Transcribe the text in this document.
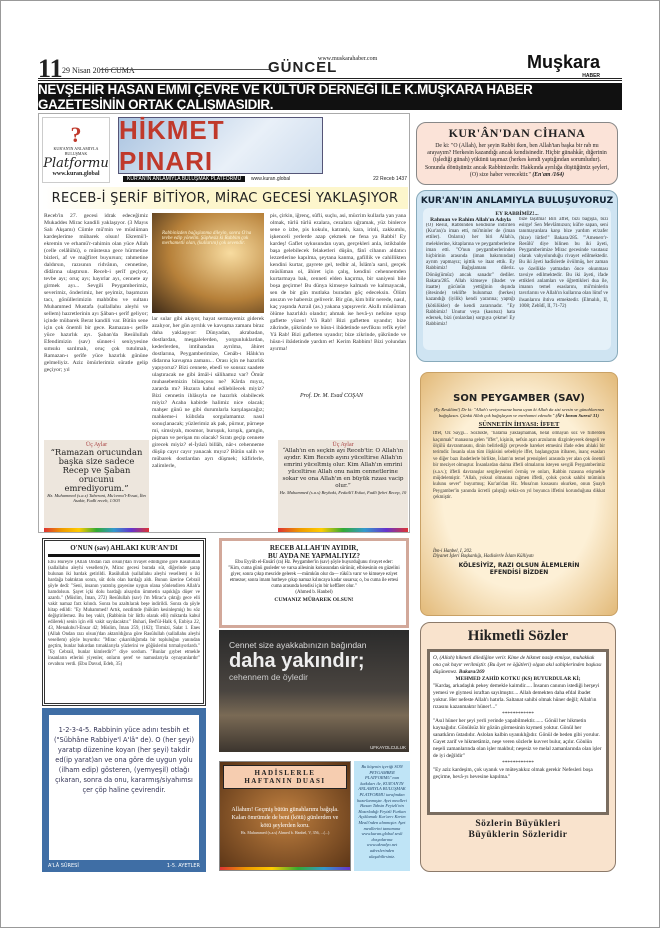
11 29 Nisan 2016 CUMA	GÜNCEL
www.muskarahaber.com	Muşkara
HABER
NEVŞEHİR HASAN EMMİ ÇEVRE VE KÜLTÜR DERNEĞİ İLE K.MUŞKARA HABER GAZETESİNİN ORTAK ÇALIŞMASIDIR.
?
KUR'AN'IN ANLAMIYLA BULUŞMAK
Platformu
www.kuran.global
HİKMET PINARI
KUR'AN'IN ANLAMIYLA BULUŞMAK PLATFORMU	www.kuran.global	22 Receb 1437
RECEB-İ ŞERİF BİTİYOR, MİRAC GECESİ YAKLAŞIYOR
Receb'in 27. gecesi idrak edeceğimiz Mukaddes Mirac kandili yaklaşıyor. (3 Mayıs Salı Akşamı) Cümle mü'min ve müslüman kardeşlerime mübarek olsun! Ekremü'l-ekremin ve erhamü'r-rahimin olan yüce Allah (celle celâlühü), o müstesna gece hürmetine bizleri, af ve mağfiret buyursun; rahmetine daldırsın, razısının ridvânın, cennetine, dîdârına ulaştırsın. Receb-i şerîf geçiyor, tevbe ayı; oruç ayı; hayırlar ayı, cennete ay girmek ayı... Sevgili Peygamberimiz, severimiz, önderimiz, her şeyimiz, başımızın tacı, gönüllerimizin mahbûbu ve sultanı Muhammed Mustafa (sallallahu aleyhi ve sellem) hazretlerinin ayı Şâban-ı şerîf geliyor; içinde mübarek Berat kandili var. Bütün sene için çok önemli bir gece. Ramazan-ı şerîfe yüce hazırlık ayı. Şaban'da Resûlullah Efendimizin (sav) sünnet-i seniyyesine sımsıkı sarılmalı, oruç çok tutulmalı, Ramazan-ı şerîfe yüce hazırlık gününe gelmeliyiz. Aziz ömürlerimiz süratle gelip geçiyor; yıl
Rabbinizden bağışlanma dileyin, sonra O'na tevbe edip yönelin. Şüphesiz ki Rabbim çok merhametli olan, (kullarını) çok sevendir.
lar sular gibi akıyor, hayat sermayemiz giderek azalıyor, her gün ayrılık ve kavuşma zamanı biraz daha yaklaşıyor: Dünyadan, akrabadan, dostlardan, meşgalelerden, yorgunluklardan, kederlerden, imtihandan ayrılma, âhiret dostlarına, Peygamberimize, Cenâb-ı Hâlık'ın didarına kavuşma zamanı... Orası için ne hazırlık yapıyoruz? Bizi cennete, ebedî ve sonsuz saadete ulaştıracak ne gibi âmâl-i sâlihamız var? Ömür muhasebemizin bilançosu ne? Kârda mıyız, zararda mı? Huzura kabul edilebilecek miyiz? Bizi cennetin ihlâsıyla ne hazırlık olabilecek miyiz? Acaba kabirde halimiz nice olacak; mahşer günü ne gibi durumlarla karşılaşacağız; mahkeme-i kübrâda sorgulamamız nasıl sonuçlanacak; yüzlerimiz ak pak, pürnur, pürneşe mi, simsiyah, mosmor, buruşuk, kırışık, gamgin, pişman ve perişan mı olacak? Sıratı geçip cennete girecek miyiz? el-İyâzü billâh, nâr-ı cehenneme düşüp cayır cayır yanacak mıyız? Bütün salih ve mübarek dostlardan ayrı düşmek; kâfirlerle, zalimlerle,
pis, çirkin, iğrenç, sûfli, suçlu, asi, mücrim kullarla yan yana olmak, türlü türlü ezalara, cezalara uğramak, yüz binlerce sene o izbe, pis kokulu, katranlı, kara, irinli, zakkumlu, işkenceli yerlerde azap çekmek ne fena ya Rabbi! Ey kardeş! Gaflet uykusundan uyan, gerçekleri anla, istikbalde başa gelebilecek felaketleri düşün, fânî cihanın aldatıcı lezzetlerine kapılma, şeytana kanma, gafillik ve cahillikten kendini kurtar, gayrete gel, tedbir al, İslâm'a sarıl, gerçek müslüman ol, âhiret için çalış, kendini cehennemden kurtarmaya bak, cenneti elden kaçırma, bir saniyeni bile boşa geçirme! Bu dünya kimseye kalmadı ve kalmayacak, sen de bir gün mutlaka buradan göç edeceksin. Ölüm ansızın ve habersiz geliverir. Bir gün, kim bilir nerede, nasıl, kaç yaşında Azrail (as.) yakana yapışıverir. Akıllı müslüman ölüme hazırlıklı olandır; ahmak ise hevâ-yı nefsine uyup gaflette yüzen! Yâ Rab! Bizi gafletten uyandır; bize zikrinde, şükründe ve hüsn-i ibâdetinde sevfikını refîk eyle! Yâ Rab! Bizi gafletten uyandır; bize zikrinde, şükründe ve hüsn-i ibâdetinde yardım et! Kerim Rabbim! Bizi yolundan ayırma!
Prof. Dr. M. Esad COŞAN
Üç Aylar
“Ramazan orucundan başka size sadece Recep ve Şaban orucunu emrediyorum.”
Hz. Muhammed (s.a.s) Taberani, Mu'cemu'l-Evsat, İbn Asakir, Fadli receb, 1/303
Üç Aylar
“Allah'ın en seçkin ayı Receb'tir. O Allah'ın ayıdır. Kim Receb ayını yüceltirse Allah'ın emrini yüceltmiş olur. Kim Allah'ın emrini yüceltirse Allah onu naim cennetlerine sokar ve ona Allah'ın en büyük rızası vacip olur.”
Hz. Muhammed (s.a.s) Beyhaki, Fedaili'l Evkat, Fadli Şehri Recep, 10
KUR'ÂN'DAN CİHANA

De ki: "O (Allah), her şeyin Rabbi iken, ben Allah'tan başka bir rab mı arayayım? Herkesin kazandığı ancak kendisinedir. Hiçbir günahkâr, diğerinin (işlediği günah) yükünü taşımaz (herkes kendi yaptığından sorumludur). Sonunda dönüşünüz ancak Rabbinizedir. Hakkında ayrılığa düştüğünüz şeyleri, (O) size haber verecektir." (En'am /164)

KUR'AN'IN ANLAMIYLA BULUŞUYORUZ
EY RABBİMİZ!...
Rahman ve Rahim Allah'ın Adıyla
(O) Resûl, Rabbinden kendisine indirilen (Kur'an)'a iman etti, mü'minler de (iman ettiler). Onların) her biri Allah'a, meleklerine, kitaplarına ve peygamberlerine iman etti. "O'nun peygamberlerinden hiçbirinin arasında (iman bakımından) ayrım yapmayız; işittik ve itaat ettik. Ey Rabbimiz! Bağışlamanı dileriz. Dönüş(ümüz) ancak sanadır" dediler. Bakara/285. Allah kimseye (ibadet ve itaatte) gücünün yettiğinin dışında (ötesinde) teklifte bulunmaz (herkes) kazandığı (iyilik) kendi yararına; yaptığı (kötülükler) de kendi zararınadır. "Ey Rabbimiz! Unutur veya (kasıtsız) hata edersek, bizi (onlardan) sorguya çekme! Ey Rabbimiz!
bize taşıtma! Biri affet, bizi bağışla, bizi esirge! Sen Mevlâmızsın; küfre sapan, seni tanımayanlara karşı bize yardım et/zafer (bize) lütfet!" Bakara/285. "'Amenerr'r-Resûlü' diye bilinen bu iki âyeti, Peygamberimize Mirac gecesinde vasıtasız olarak vahyolunduğu rivayet edilmektedir. Bu iki âyeti hadîslerde övülmüş, her zaman ve özellikle yatmadan önce okunması tavsiye edilmektedir. Bu iki âyeti, ifade ettikleri anlamları ve öğrettikleri dua ile, imanın temel esaslarını, mü'minlerin tavırlarını ve Allah'ın kullarına olan lütuf ve ihsanlarını ihtiva etmektedir. (Elmalılı, II, 1008; Zebîdî, II, 71-72)
SON PEYGAMBER (SAV)
(Ey Resûlüm!) De ki: "Allah'ı seviyorsanız bana uyun ki Allah da sizi sevsin ve günahlarınızı bağışlasın. Çünkü Allah çok bağışlayan ve merhamet edendir." (Âl-i İmran Suresi/ 31)
SÜNNETİN İHYASI: İFFET
İffet, Öz Saygı... Sözlükte, "harama yaklaşmamak, helal olmayan söz ve fiillerden kaçınmak" manasına gelen "iffet", kişinin, nefsin aşırı arzularını dizginleyerek dengeli ve ölçülü davranmasını, dinin belirlediği çerçevede hareket etmesini ifade eden ahlaki bir terimdir. İnsanla olan tüm ilişkisini sebebiyle iffet, başlangıçtan itibaren, inanç esasları ve diğer bazı ibadetlerle birlikte, İslam'ın temel prensipleri arasında yer alan çok önemli bir meziyet olmuştur. İnsanlardan daima iffetli olmalarını isteyen sevgili Peygamberimiz (s.a.v.); iffetli davranışlar sergileyenleri övmüş ve onları, Rabbin rızasına erişmekle müjdelemiştir. "Allah, yoksul olmasına rağmen iffetli, çoluk çocuk sahibi müminin kulunu sever" buyurmuş; Kur'an'dan Hz. Musa'nın kıssasını okurken, onun Şuayb Peygamber'in yanında ücretli çalıştığı sekiz-on yıl boyunca iffetini korunduğuna dikkat çekmiştir.
İbn-i Hanbel, I, 202.
Diyanet İşleri Başkanlığı, Hadislerle İslam Külliyatı
KÖLESİYİZ, RAZI OLSUN ÂLEMLERİN EFENDİSİ BİZDEN
Hikmetli Sözler
O, (Allah) hikmeti dilediğine verir. Kime de hikmet nasip etmişse, muhakkak ona çok hayır verilmiştir. (Bu âyet ve öğütleri) olgun akıl sahiplerinden başkası düşünemez. Bakara/269
MEHMED ZAHİD KOTKU (KS) BUYURDULAR Kİ;
"Kardaş, arkadaşlık pekey demekle kaimdir..... İnsanın canının istediği herşeyi yemesi ve giymesi israftan sayılmıştır.... Allah demekten daha efdal ibadet yoktur. Her nefeste Allah'ı hatırla. Saltanat sahibi olmak hüner değil; Allah'ın rızasını kazanmaktır hüner!..."
************
"Asıl hüner her şeyi yerli yerinde yapabilmektir....... Gönül her hikmetin kaynağıdır. Gönülsüz bir gözün görmesinin kıymeti yoktur. Gönül her sanatkârın üstadıdır. Aslolan kalbin uyanıklığıdır. Gönül de beden gibi yorulur. Gayet zarif ve hikmetâmiz, neşe veren sözlerle kuvvet bulur, açılır. Gönlün neşeli zamanlarında olan işler makbul; neşesiz ve melal zamanlarında olan işler de iyi değildir"
************
"Ey aziz kardeşim, çok uyanık ve müteyakkız olmak gerekir Nefesleri boşa geçirme, hevâ-yı hevesine kapılma."
Sözlerin Büyükleri
Büyüklerin Sözleridir
O'NUN (sav) AHLAKI KUR'AN'DI
Ebu Hureyre (Allah Ondan razı olsun)'dan rivayet edildiğine göre Rasûlullah (sallallahu aleyhi vesellem)'e, Mirac gecesi burada süt, diğerinde şarap bulunan iki bardak getirildi. Rasûlullah (sallallahu aleyhi vesellem) o iki bardağa baktıktan sonra, süt dolu olan bardağı aldı. Bunun üzerine Cebrail şöyle dedi: "Seni, insanın yaratılış gayesine uygun olana yönlendiren Allah'a hamdolsun. Şayet içki dolu bardağı alsaydın ümmetin sapıklığa düşer ve azardı." (Müslim, İman, 272) Resûlullah (sav) i'm Mirac'a çıktığı gece elli vakit namaz farz kılındı. Sonra bu azaltılarak beşe indirildi. Sonra da şöyle hitap edildi: "Ey Muhammed! Artık, nezdimde (hüküm kesinleşmiş) bu söz değiştirilemez. Bu beş vakit, (Rabbinin bir lütfu olarak elli) miktarda kabul edilerek) senin için elli vakit sayılacaktır." Buhari, Bed'ül-Halk 6, Enbiya 22, 43, Menakıbu'l-Ensar 42; Müslim, İman 259, (162); Tirmizi, Salat 1. Enes (Allah Ondan razı olsun)'dan aktarıldığına göre Rasûlullah (sallallahu aleyhi vesellem) şöyle buyurdu: "Mirac çıkarıldığımda bir topluluğun yanından geçtim, bunlar bakırdan tırnaklarıyla yüzlerini ve göğüslerini tırmalıyorlardı." "Ey Cebrail, bunlar kimlerdir?" diye sordum. "Bunlar gıybet etmekle insanların etlerini yiyenler, onların şeref ve namuslarıyla oynayanlardır" cevabını verdi. (Ebu Davud, Edeb, 35)
1-2-3-4-5. Rabbinin yüce adını tesbih et ("Sübhâne Rabbiye'l A'lâ" de). O (her şeyi) yaratıp düzenine koyan (her şeyi) takdir ed(ip yarat)an ve ona göre de uygun yolu (ilham edip) gösteren, (yemyeşil) otlağı çıkaran, sonra da onu, kararmış/siyahımsı çer çöp haline çevirendir.
A'LÂ SÛRESİ	1-5. AYETLER
RECEB ALLAH'IN AYIDIR,
BU AYDA NE YAPMALIYIZ?
Ebu Eyyûb el-Ensârî (ra) Hz. Peygamber'in (sav) şöyle buyurduğunu rivayet eder:
"Kim, cuma günü gusleder ve varsa ailesinin kokusundan sürünür, elbisesinin en güzelini giyer, sonra çıkıp mescide gelerek —mümkün olur da— rükû'a varır ve kimseye eziyet etmezse; sonra imam hutbeye çıkıp namaz kılıncaya kadar susarsa; o, bu cuma ile ertesi cuma arasında kendisi için bir keffâret olur."
(Ahmed b. Hanbel)
CUMANIZ MÜBAREK OLSUN!
Cennet size ayakkabınızın bağından
daha yakındır;
cehennem de öyledir
UFKAYOLCULUK
HADİSLERLE HAFTANIN DUASI
Allahım! Geçmiş bütün günahlarımı bağışla. Kalan ömrümde de beni (kötü) günlerden ve kötü şeylerden koru.
Hz. Muhammed (s.a.s) Ahmed b. Hanbel, V, 356, ...(...)
Bu köşenin içeriği SON PEYGAMBER PLATFORMU' nun katkıları ile, KUR'AN'IN ANLAMIYLA BULUŞMAK PLATFORMU tarafından hazırlanmıştır. Ayet mealleri Hasan Tahsin Feyizli'nin Hazırladığı Feyizli Furkan Açıklamalı Kur'an-ı Kerim Meali'nden alınmıştır. Ayet meallerini tamamına www.kuran.global sesli dosyalarına www.akradyo.net adreslerinden ulaşabilirsiniz.
